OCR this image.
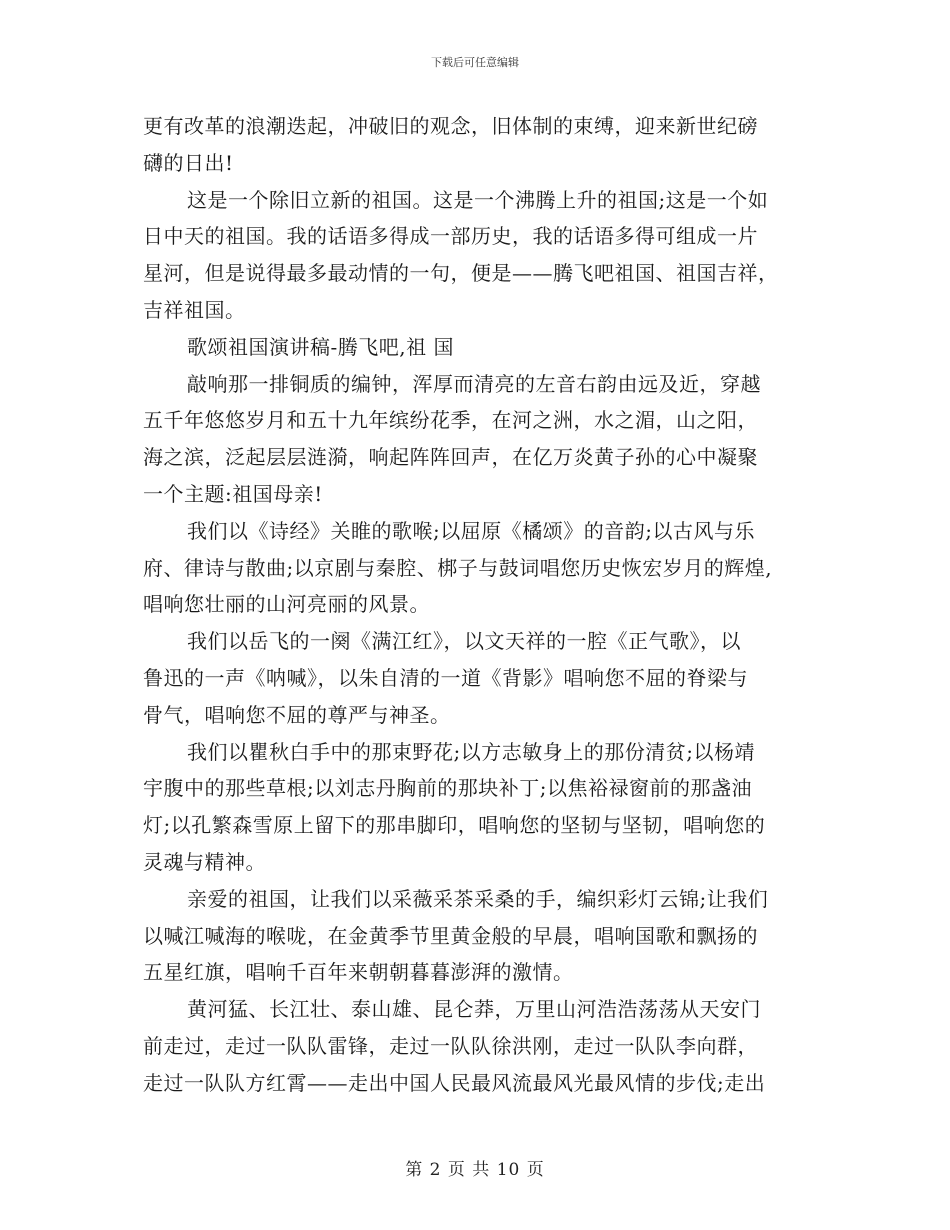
下载后可任意编辑
更有改革的浪潮迭起，冲破旧的观念，旧体制的束缚，迎来新世纪磅
礴的日出!
这是一个除旧立新的祖国。这是一个沸腾上升的祖国;这是一个如
日中天的祖国。我的话语多得成一部历史，我的话语多得可组成一片
星河，但是说得最多最动情的一句，便是——腾飞吧祖国、祖国吉祥，
吉祥祖国。
歌颂祖国演讲稿-腾飞吧,祖 国
敲响那一排铜质的编钟，浑厚而清亮的左音右韵由远及近，穿越
五千年悠悠岁月和五十九年缤纷花季，在河之洲，水之湄，山之阳，
海之滨，泛起层层涟漪，响起阵阵回声，在亿万炎黄子孙的心中凝聚
一个主题:祖国母亲!
我们以《诗经》关睢的歌喉;以屈原《橘颂》的音韵;以古风与乐
府、律诗与散曲;以京剧与秦腔、梆子与鼓词唱您历史恢宏岁月的辉煌,
唱响您壮丽的山河亮丽的风景。
我们以岳飞的一阕《满江红》，以文天祥的一腔《正气歌》，以
鲁迅的一声《呐喊》，以朱自清的一道《背影》唱响您不屈的脊梁与
骨气，唱响您不屈的尊严与神圣。
我们以瞿秋白手中的那束野花;以方志敏身上的那份清贫;以杨靖
宇腹中的那些草根;以刘志丹胸前的那块补丁;以焦裕禄窗前的那盏油
灯;以孔繁森雪原上留下的那串脚印，唱响您的坚韧与坚韧，唱响您的
灵魂与精神。
亲爱的祖国，让我们以采薇采茶采桑的手，编织彩灯云锦;让我们
以喊江喊海的喉咙，在金黄季节里黄金般的早晨，唱响国歌和飘扬的
五星红旗，唱响千百年来朝朝暮暮澎湃的激情。
黄河猛、长江壮、泰山雄、昆仑莽，万里山河浩浩荡荡从天安门
前走过，走过一队队雷锋，走过一队队徐洪刚，走过一队队李向群，
走过一队队方红霄——走出中国人民最风流最风光最风情的步伐;走出
第 2 页 共 10 页
